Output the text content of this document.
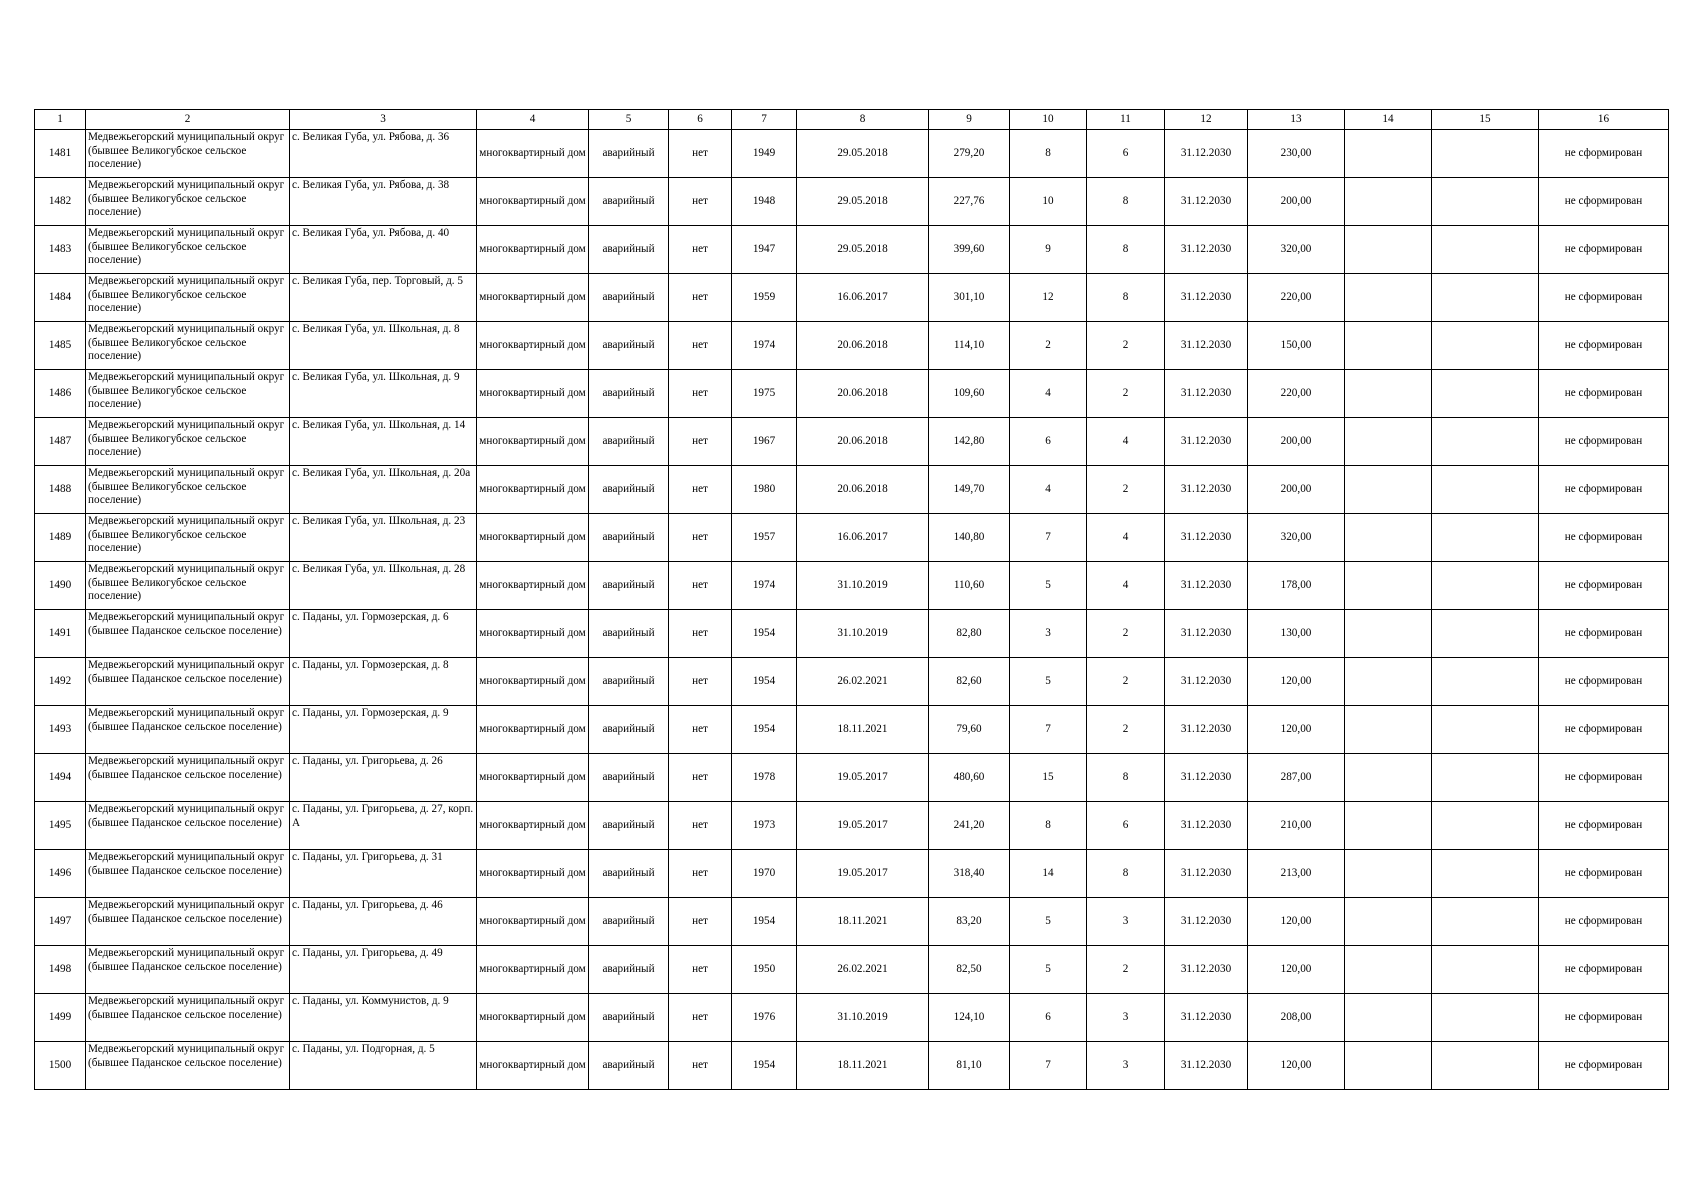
1	2	3	4	5	6	7	8	9	10	11	12	13	14	15	16
1481	Медвежьегорский муниципальный округ (бывшее Великогубское сельское поселение)	с. Великая Губа, ул. Рябова, д. 36	многоквартирный дом	аварийный	нет	1949	29.05.2018	279,20	8	6	31.12.2030	230,00			не сформирован
1482	Медвежьегорский муниципальный округ (бывшее Великогубское сельское поселение)	с. Великая Губа, ул. Рябова, д. 38	многоквартирный дом	аварийный	нет	1948	29.05.2018	227,76	10	8	31.12.2030	200,00			не сформирован
1483	Медвежьегорский муниципальный округ (бывшее Великогубское сельское поселение)	с. Великая Губа, ул. Рябова, д. 40	многоквартирный дом	аварийный	нет	1947	29.05.2018	399,60	9	8	31.12.2030	320,00			не сформирован
1484	Медвежьегорский муниципальный округ (бывшее Великогубское сельское поселение)	с. Великая Губа, пер. Торговый, д. 5	многоквартирный дом	аварийный	нет	1959	16.06.2017	301,10	12	8	31.12.2030	220,00			не сформирован
1485	Медвежьегорский муниципальный округ (бывшее Великогубское сельское поселение)	с. Великая Губа, ул. Школьная, д. 8	многоквартирный дом	аварийный	нет	1974	20.06.2018	114,10	2	2	31.12.2030	150,00			не сформирован
1486	Медвежьегорский муниципальный округ (бывшее Великогубское сельское поселение)	с. Великая Губа, ул. Школьная, д. 9	многоквартирный дом	аварийный	нет	1975	20.06.2018	109,60	4	2	31.12.2030	220,00			не сформирован
1487	Медвежьегорский муниципальный округ (бывшее Великогубское сельское поселение)	с. Великая Губа, ул. Школьная, д. 14	многоквартирный дом	аварийный	нет	1967	20.06.2018	142,80	6	4	31.12.2030	200,00			не сформирован
1488	Медвежьегорский муниципальный округ (бывшее Великогубское сельское поселение)	с. Великая Губа, ул. Школьная, д. 20а	многоквартирный дом	аварийный	нет	1980	20.06.2018	149,70	4	2	31.12.2030	200,00			не сформирован
1489	Медвежьегорский муниципальный округ (бывшее Великогубское сельское поселение)	с. Великая Губа, ул. Школьная, д. 23	многоквартирный дом	аварийный	нет	1957	16.06.2017	140,80	7	4	31.12.2030	320,00			не сформирован
1490	Медвежьегорский муниципальный округ (бывшее Великогубское сельское поселение)	с. Великая Губа, ул. Школьная, д. 28	многоквартирный дом	аварийный	нет	1974	31.10.2019	110,60	5	4	31.12.2030	178,00			не сформирован
1491	Медвежьегорский муниципальный округ (бывшее Паданское сельское поселение)	с. Паданы, ул. Гормозерская, д. 6	многоквартирный дом	аварийный	нет	1954	31.10.2019	82,80	3	2	31.12.2030	130,00			не сформирован
1492	Медвежьегорский муниципальный округ (бывшее Паданское сельское поселение)	с. Паданы, ул. Гормозерская, д. 8	многоквартирный дом	аварийный	нет	1954	26.02.2021	82,60	5	2	31.12.2030	120,00			не сформирован
1493	Медвежьегорский муниципальный округ (бывшее Паданское сельское поселение)	с. Паданы, ул. Гормозерская, д. 9	многоквартирный дом	аварийный	нет	1954	18.11.2021	79,60	7	2	31.12.2030	120,00			не сформирован
1494	Медвежьегорский муниципальный округ (бывшее Паданское сельское поселение)	с. Паданы, ул. Григорьева, д. 26	многоквартирный дом	аварийный	нет	1978	19.05.2017	480,60	15	8	31.12.2030	287,00			не сформирован
1495	Медвежьегорский муниципальный округ (бывшее Паданское сельское поселение)	с. Паданы, ул. Григорьева, д. 27, корп. А	многоквартирный дом	аварийный	нет	1973	19.05.2017	241,20	8	6	31.12.2030	210,00			не сформирован
1496	Медвежьегорский муниципальный округ (бывшее Паданское сельское поселение)	с. Паданы, ул. Григорьева, д. 31	многоквартирный дом	аварийный	нет	1970	19.05.2017	318,40	14	8	31.12.2030	213,00			не сформирован
1497	Медвежьегорский муниципальный округ (бывшее Паданское сельское поселение)	с. Паданы, ул. Григорьева, д. 46	многоквартирный дом	аварийный	нет	1954	18.11.2021	83,20	5	3	31.12.2030	120,00			не сформирован
1498	Медвежьегорский муниципальный округ (бывшее Паданское сельское поселение)	с. Паданы, ул. Григорьева, д. 49	многоквартирный дом	аварийный	нет	1950	26.02.2021	82,50	5	2	31.12.2030	120,00			не сформирован
1499	Медвежьегорский муниципальный округ (бывшее Паданское сельское поселение)	с. Паданы, ул. Коммунистов, д. 9	многоквартирный дом	аварийный	нет	1976	31.10.2019	124,10	6	3	31.12.2030	208,00			не сформирован
1500	Медвежьегорский муниципальный округ (бывшее Паданское сельское поселение)	с. Паданы, ул. Подгорная, д. 5	многоквартирный дом	аварийный	нет	1954	18.11.2021	81,10	7	3	31.12.2030	120,00			не сформирован
